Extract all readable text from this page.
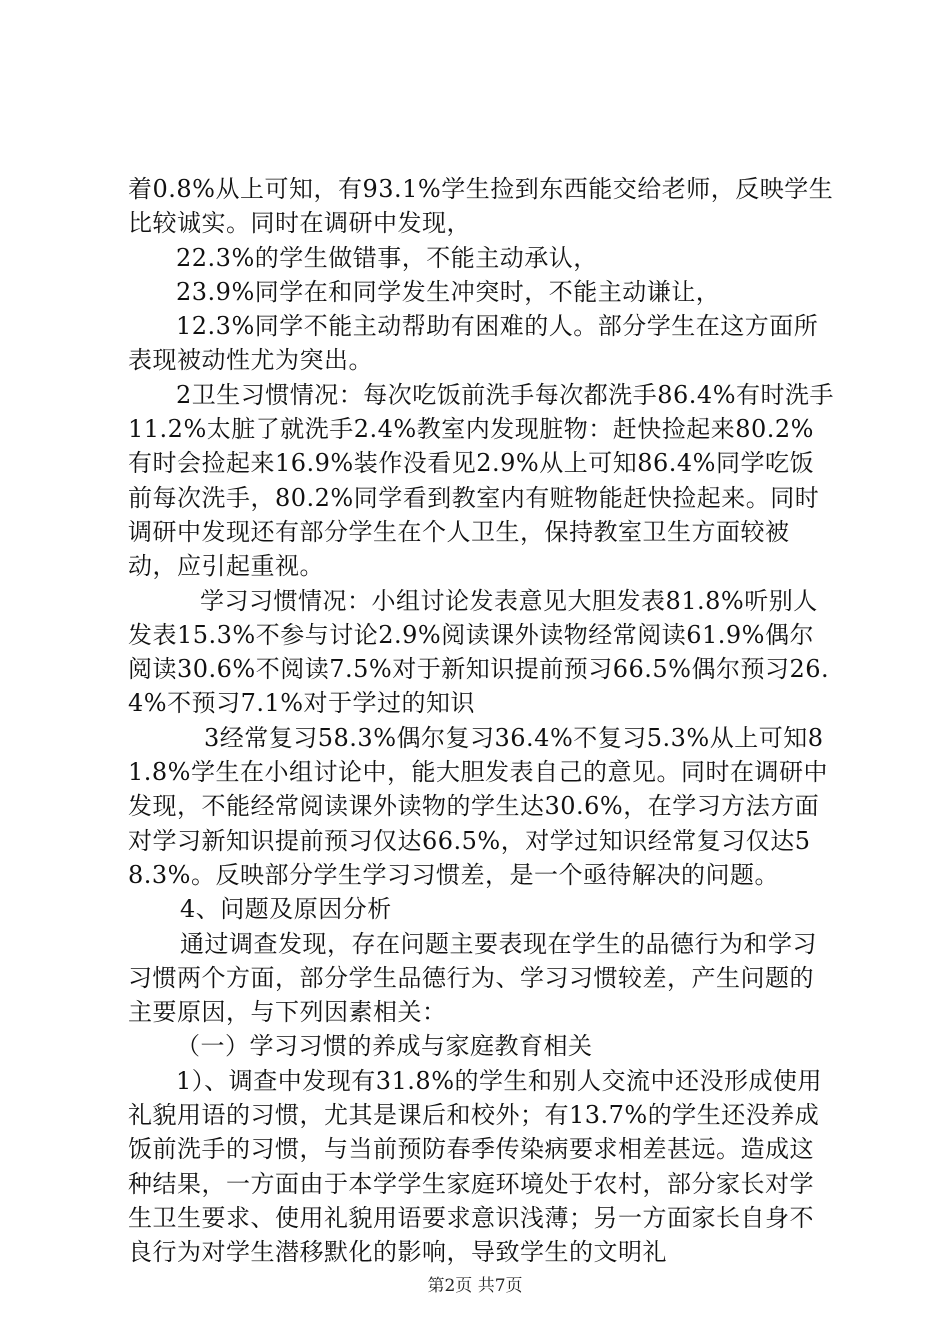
着0.8%从上可知，有93.1%学生捡到东西能交给老师，反映学生比较诚实。同时在调研中发现，

22.3%的学生做错事，不能主动承认，

23.9%同学在和同学发生冲突时，不能主动谦让，

12.3%同学不能主动帮助有困难的人。部分学生在这方面所表现被动性尤为突出。

2卫生习惯情况：每次吃饭前洗手每次都洗手86.4%有时洗手11.2%太脏了就洗手2.4%教室内发现脏物：赶快捡起来80.2%有时会捡起来16.9%装作没看见2.9%从上可知86.4%同学吃饭前每次洗手，80.2%同学看到教室内有赃物能赶快捡起来。同时调研中发现还有部分学生在个人卫生，保持教室卫生方面较被动，应引起重视。

学习习惯情况：小组讨论发表意见大胆发表81.8%听别人发表15.3%不参与讨论2.9%阅读课外读物经常阅读61.9%偶尔阅读30.6%不阅读7.5%对于新知识提前预习66.5%偶尔预习26.4%不预习7.1%对于学过的知识

3经常复习58.3%偶尔复习36.4%不复习5.3%从上可知81.8%学生在小组讨论中，能大胆发表自己的意见。同时在调研中发现，不能经常阅读课外读物的学生达30.6%，在学习方法方面对学习新知识提前预习仅达66.5%，对学过知识经常复习仅达58.3%。反映部分学生学习习惯差，是一个亟待解决的问题。

4、问题及原因分析

通过调查发现，存在问题主要表现在学生的品德行为和学习习惯两个方面，部分学生品德行为、学习习惯较差，产生问题的主要原因，与下列因素相关：

（一）学习习惯的养成与家庭教育相关

1）、调查中发现有31.8%的学生和别人交流中还没形成使用礼貌用语的习惯，尤其是课后和校外；有13.7%的学生还没养成饭前洗手的习惯，与当前预防春季传染病要求相差甚远。造成这种结果，一方面由于本学学生家庭环境处于农村，部分家长对学生卫生要求、使用礼貌用语要求意识浅薄；另一方面家长自身不良行为对学生潜移默化的影响，导致学生的文明礼

第2页 共7页
